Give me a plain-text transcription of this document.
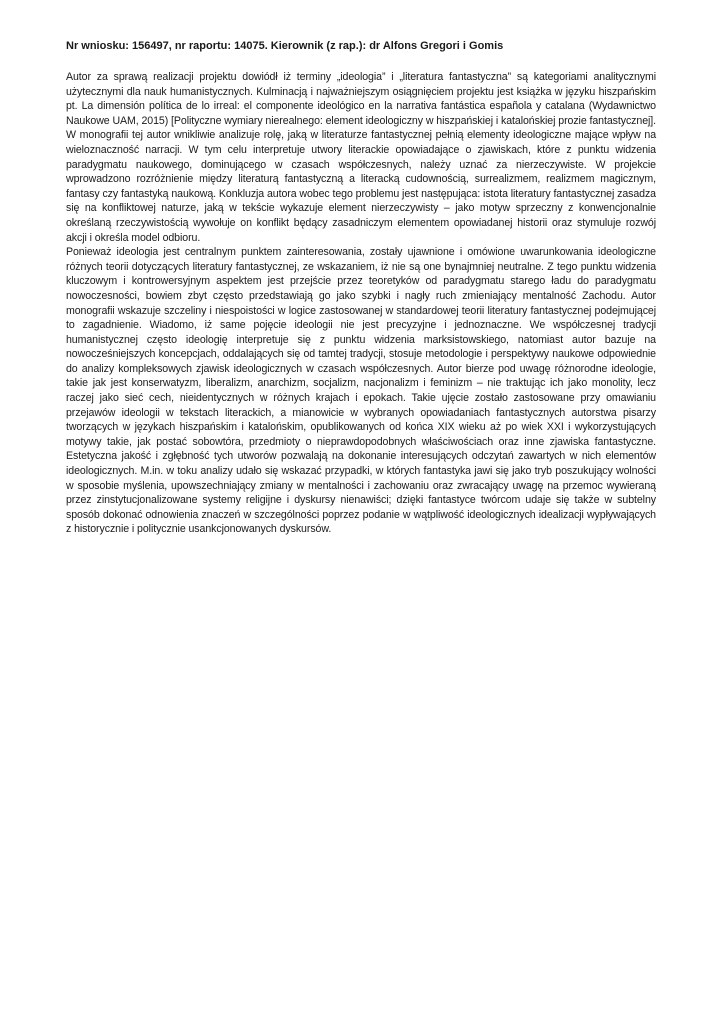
Nr wniosku: 156497, nr raportu: 14075. Kierownik (z rap.): dr Alfons Gregori i Gomis

Autor za sprawą realizacji projektu dowiódł iż terminy „ideologia” i „literatura fantastyczna” są kategoriami analitycznymi użytecznymi dla nauk humanistycznych. Kulminacją i najważniejszym osiągnięciem projektu jest książka w języku hiszpańskim pt. La dimensión política de lo irreal: el componente ideológico en la narrativa fantástica española y catalana (Wydawnictwo Naukowe UAM, 2015) [Polityczne wymiary nierealnego: element ideologiczny w hiszpańskiej i katalońskiej prozie fantastycznej]. W monografii tej autor wnikliwie analizuje rolę, jaką w literaturze fantastycznej pełnią elementy ideologiczne mające wpływ na wieloznaczność narracji. W tym celu interpretuje utwory literackie opowiadające o zjawiskach, które z punktu widzenia paradygmatu naukowego, dominującego w czasach współczesnych, należy uznać za nierzeczywiste. W projekcie wprowadzono rozróżnienie między literaturą fantastyczną a literacką cudownością, surrealizmem, realizmem magicznym, fantasy czy fantastyką naukową. Konkluzja autora wobec tego problemu jest następująca: istota literatury fantastycznej zasadza się na konfliktowej naturze, jaką w tekście wykazuje element nierzeczywisty – jako motyw sprzeczny z konwencjonalnie określaną rzeczywistością wywołuje on konflikt będący zasadniczym elementem opowiadanej historii oraz stymuluje rozwój akcji i określa model odbioru.

Ponieważ ideologia jest centralnym punktem zainteresowania, zostały ujawnione i omówione uwarunkowania ideologiczne różnych teorii dotyczących literatury fantastycznej, ze wskazaniem, iż nie są one bynajmniej neutralne. Z tego punktu widzenia kluczowym i kontrowersyjnym aspektem jest przejście przez teoretyków od paradygmatu starego ładu do paradygmatu nowoczesności, bowiem zbyt często przedstawiają go jako szybki i nagły ruch zmieniający mentalność Zachodu. Autor monografii wskazuje szczeliny i niespoistości w logice zastosowanej w standardowej teorii literatury fantastycznej podejmującej to zagadnienie. Wiadomo, iż same pojęcie ideologii nie jest precyzyjne i jednoznaczne. We współczesnej tradycji humanistycznej często ideologię interpretuje się z punktu widzenia marksistowskiego, natomiast autor bazuje na nowocześniejszych koncepcjach, oddalających się od tamtej tradycji, stosuje metodologie i perspektywy naukowe odpowiednie do analizy kompleksowych zjawisk ideologicznych w czasach współczesnych. Autor bierze pod uwagę różnorodne ideologie, takie jak jest konserwatyzm, liberalizm, anarchizm, socjalizm, nacjonalizm i feminizm – nie traktując ich jako monolity, lecz raczej jako sieć cech, nieidentycznych w różnych krajach i epokach. Takie ujęcie zostało zastosowane przy omawianiu przejawów ideologii w tekstach literackich, a mianowicie w wybranych opowiadaniach fantastycznych autorstwa pisarzy tworzących w językach hiszpańskim i katalońskim, opublikowanych od końca XIX wieku aż po wiek XXI i wykorzystujących motywy takie, jak postać sobowtóra, przedmioty o nieprawdopodobnych właściwościach oraz inne zjawiska fantastyczne. Estetyczna jakość i zgłębność tych utworów pozwalają na dokonanie interesujących odczytań zawartych w nich elementów ideologicznych. M.in. w toku analizy udało się wskazać przypadki, w których fantastyka jawi się jako tryb poszukujący wolności w sposobie myślenia, upowszechniający zmiany w mentalności i zachowaniu oraz zwracający uwagę na przemoc wywieraną przez zinstytucjonalizowane systemy religijne i dyskursy nienawiści; dzięki fantastyce twórcom udaje się także w subtelny sposób dokonać odnowienia znaczeń w szczególności poprzez podanie w wątpliwość ideologicznych idealizacji wypływających z historycznie i politycznie usankcjonowanych dyskursów.
